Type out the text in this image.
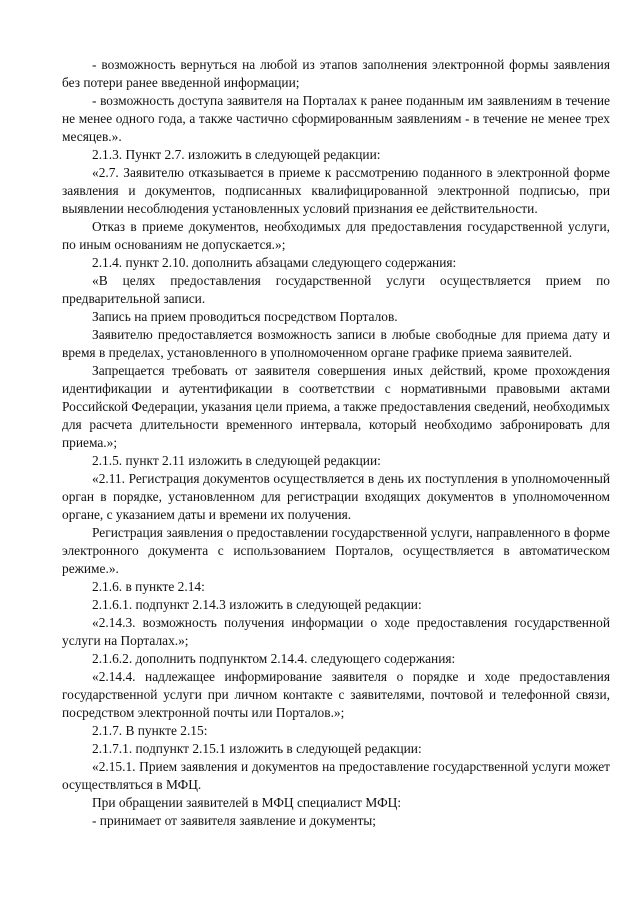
- возможность вернуться на любой из этапов заполнения электронной формы заявления без потери ранее введенной информации;

- возможность доступа заявителя на Порталах к ранее поданным им заявлениям в течение не менее одного года, а также частично сформированным заявлениям - в течение не менее трех месяцев.».

2.1.3. Пункт 2.7. изложить в следующей редакции:

«2.7. Заявителю отказывается в приеме к рассмотрению поданного в электронной форме заявления и документов, подписанных квалифицированной электронной подписью, при выявлении несоблюдения установленных условий признания ее действительности.

Отказ в приеме документов, необходимых для предоставления государственной услуги, по иным основаниям не допускается.»;

2.1.4. пункт 2.10. дополнить абзацами следующего содержания:

«В целях предоставления государственной услуги осуществляется прием по предварительной записи.

Запись на прием проводиться посредством Порталов.

Заявителю предоставляется возможность записи в любые свободные для приема дату и время в пределах, установленного в уполномоченном органе графике приема заявителей.

Запрещается требовать от заявителя совершения иных действий, кроме прохождения идентификации и аутентификации в соответствии с нормативными правовыми актами Российской Федерации, указания цели приема, а также предоставления сведений, необходимых для расчета длительности временного интервала, который необходимо забронировать для приема.»;

2.1.5. пункт 2.11 изложить в следующей редакции:

«2.11. Регистрация документов осуществляется в день их поступления в уполномоченный орган в порядке, установленном для регистрации входящих документов в уполномоченном органе, с указанием даты и времени их получения.

Регистрация заявления о предоставлении государственной услуги, направленного в форме электронного документа с использованием Порталов, осуществляется в автоматическом режиме.».

2.1.6. в пункте 2.14:

2.1.6.1. подпункт 2.14.3 изложить в следующей редакции:

«2.14.3. возможность получения информации о ходе предоставления государственной услуги на Порталах.»;

2.1.6.2. дополнить подпунктом 2.14.4. следующего содержания:

«2.14.4. надлежащее информирование заявителя о порядке и ходе предоставления государственной услуги при личном контакте с заявителями, почтовой и телефонной связи, посредством электронной почты или Порталов.»;

2.1.7. В пункте 2.15:

2.1.7.1. подпункт 2.15.1 изложить в следующей редакции:

«2.15.1. Прием заявления и документов на предоставление государственной услуги может осуществляться в МФЦ.

При обращении заявителей в МФЦ специалист МФЦ:

- принимает от заявителя заявление и документы;
